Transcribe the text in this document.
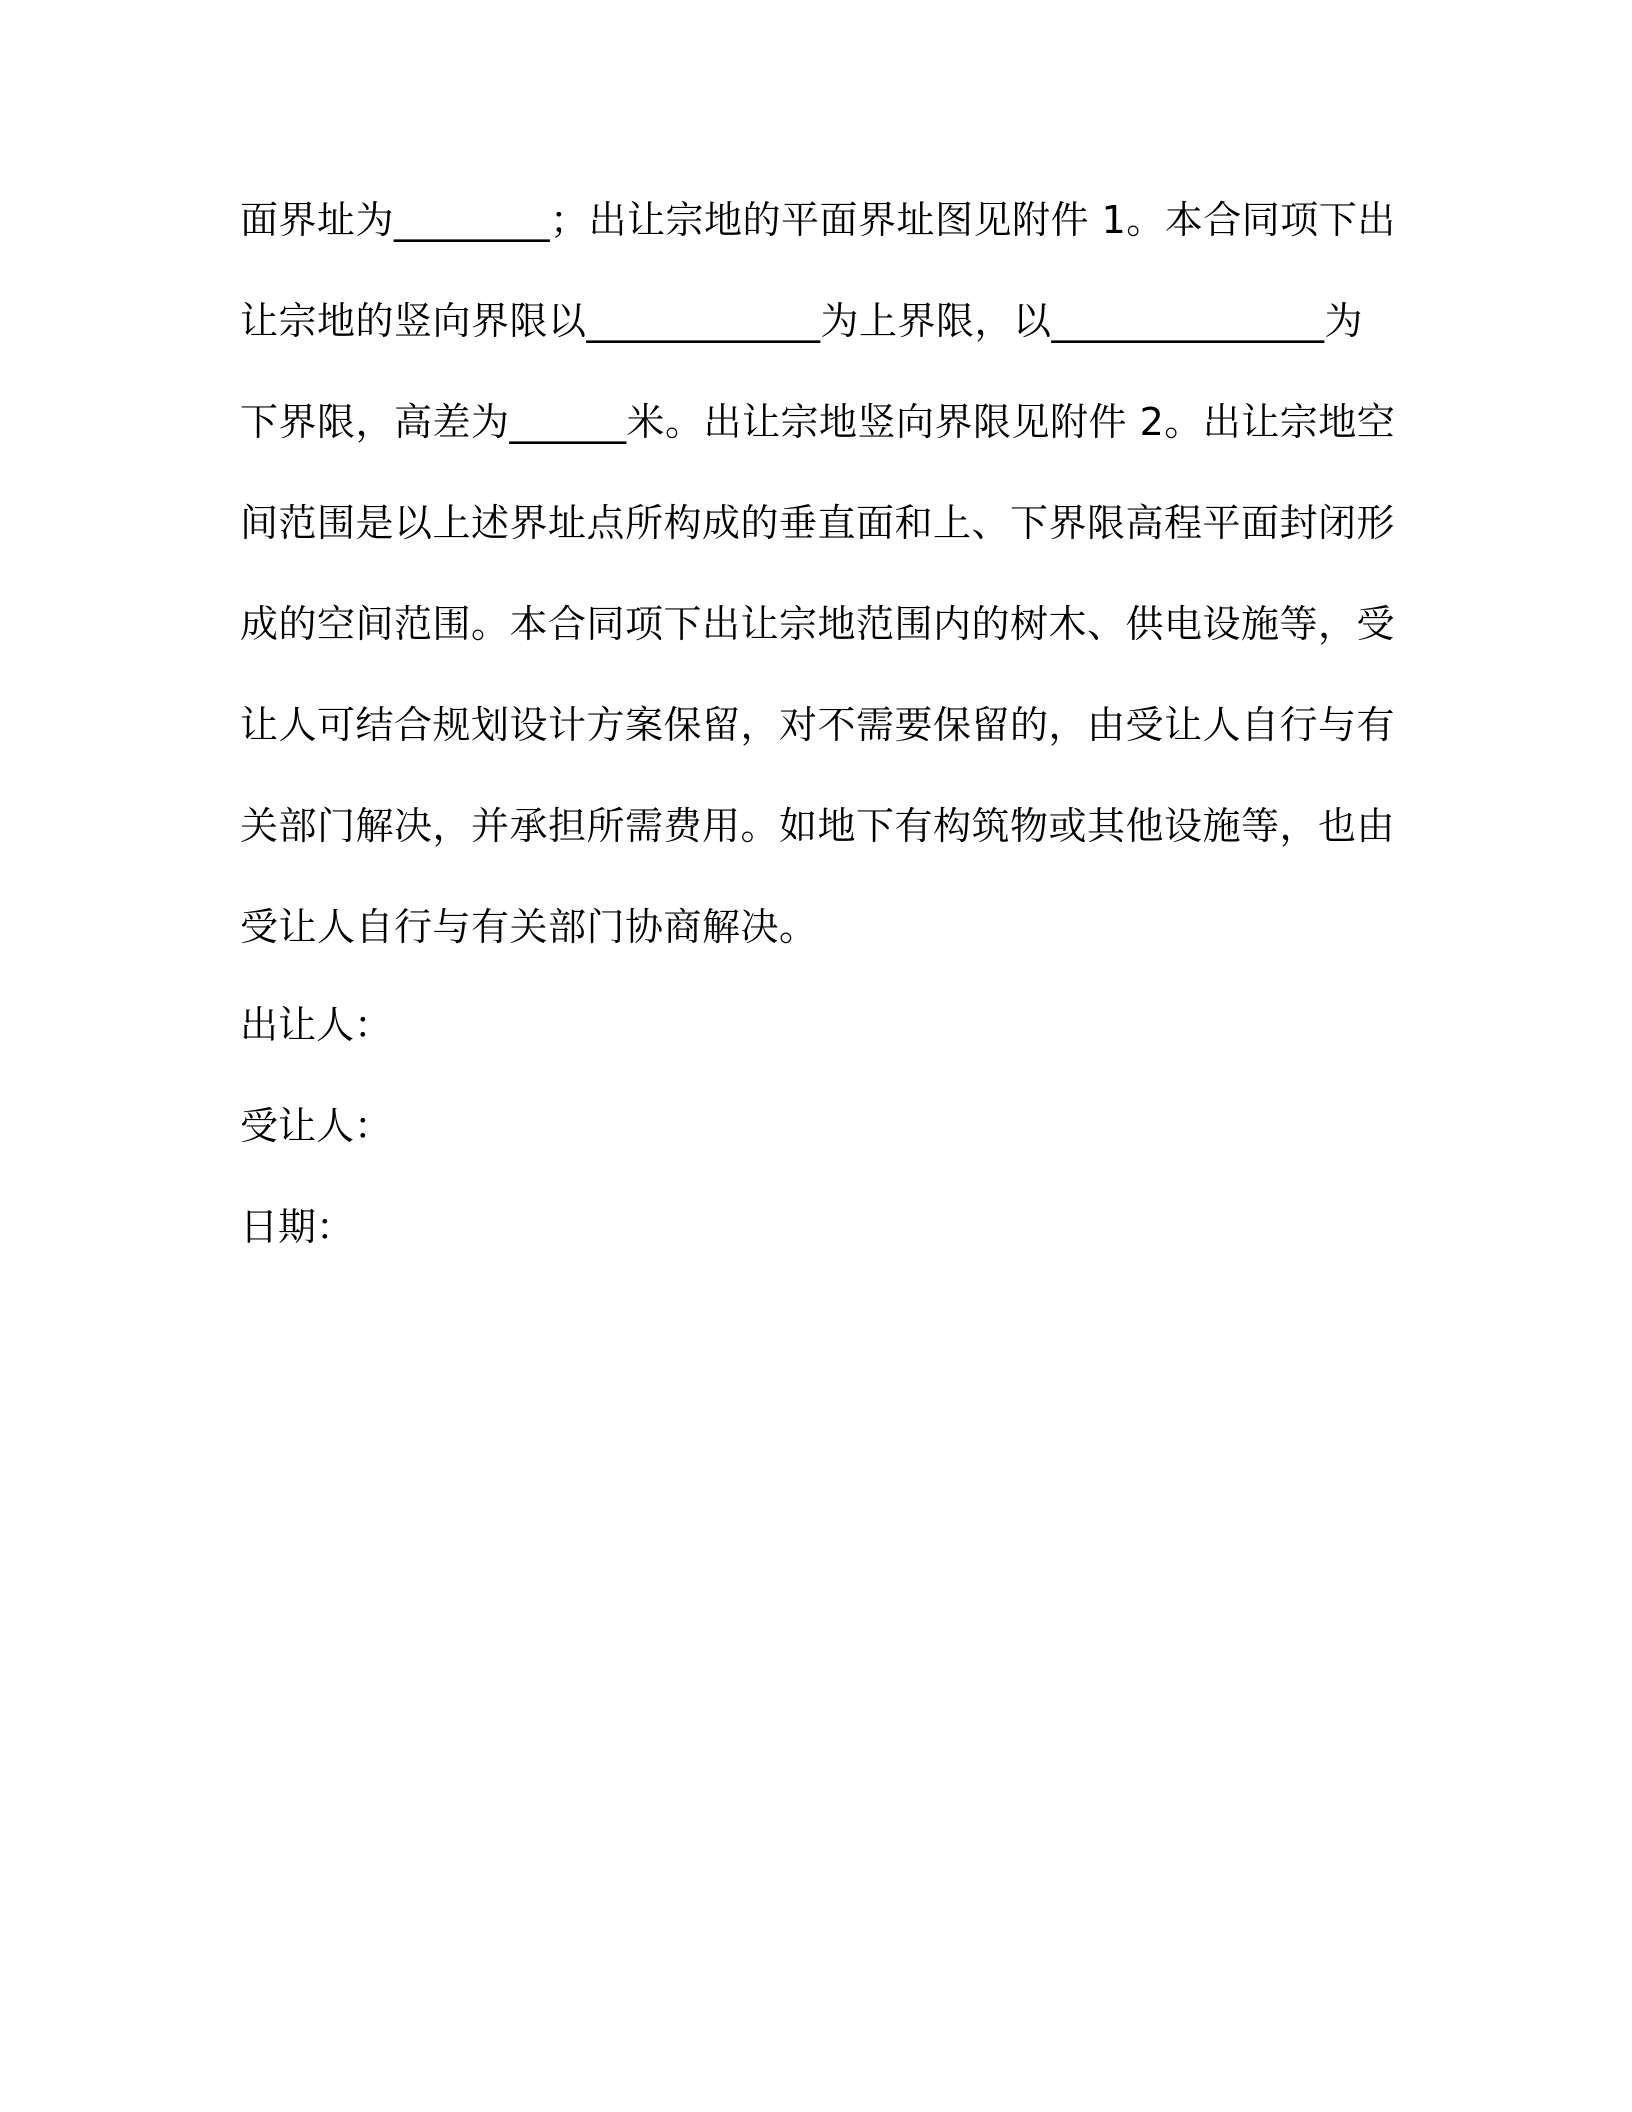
面界址为________；出让宗地的平面界址图见附件 1。本合同项下出
让宗地的竖向界限以____________为上界限，以______________为
下界限，高差为______米。出让宗地竖向界限见附件 2。出让宗地空
间范围是以上述界址点所构成的垂直面和上、下界限高程平面封闭形
成的空间范围。本合同项下出让宗地范围内的树木、供电设施等，受
让人可结合规划设计方案保留，对不需要保留的，由受让人自行与有
关部门解决，并承担所需费用。如地下有构筑物或其他设施等，也由
受让人自行与有关部门协商解决。
出让人：
受让人：
日期：
